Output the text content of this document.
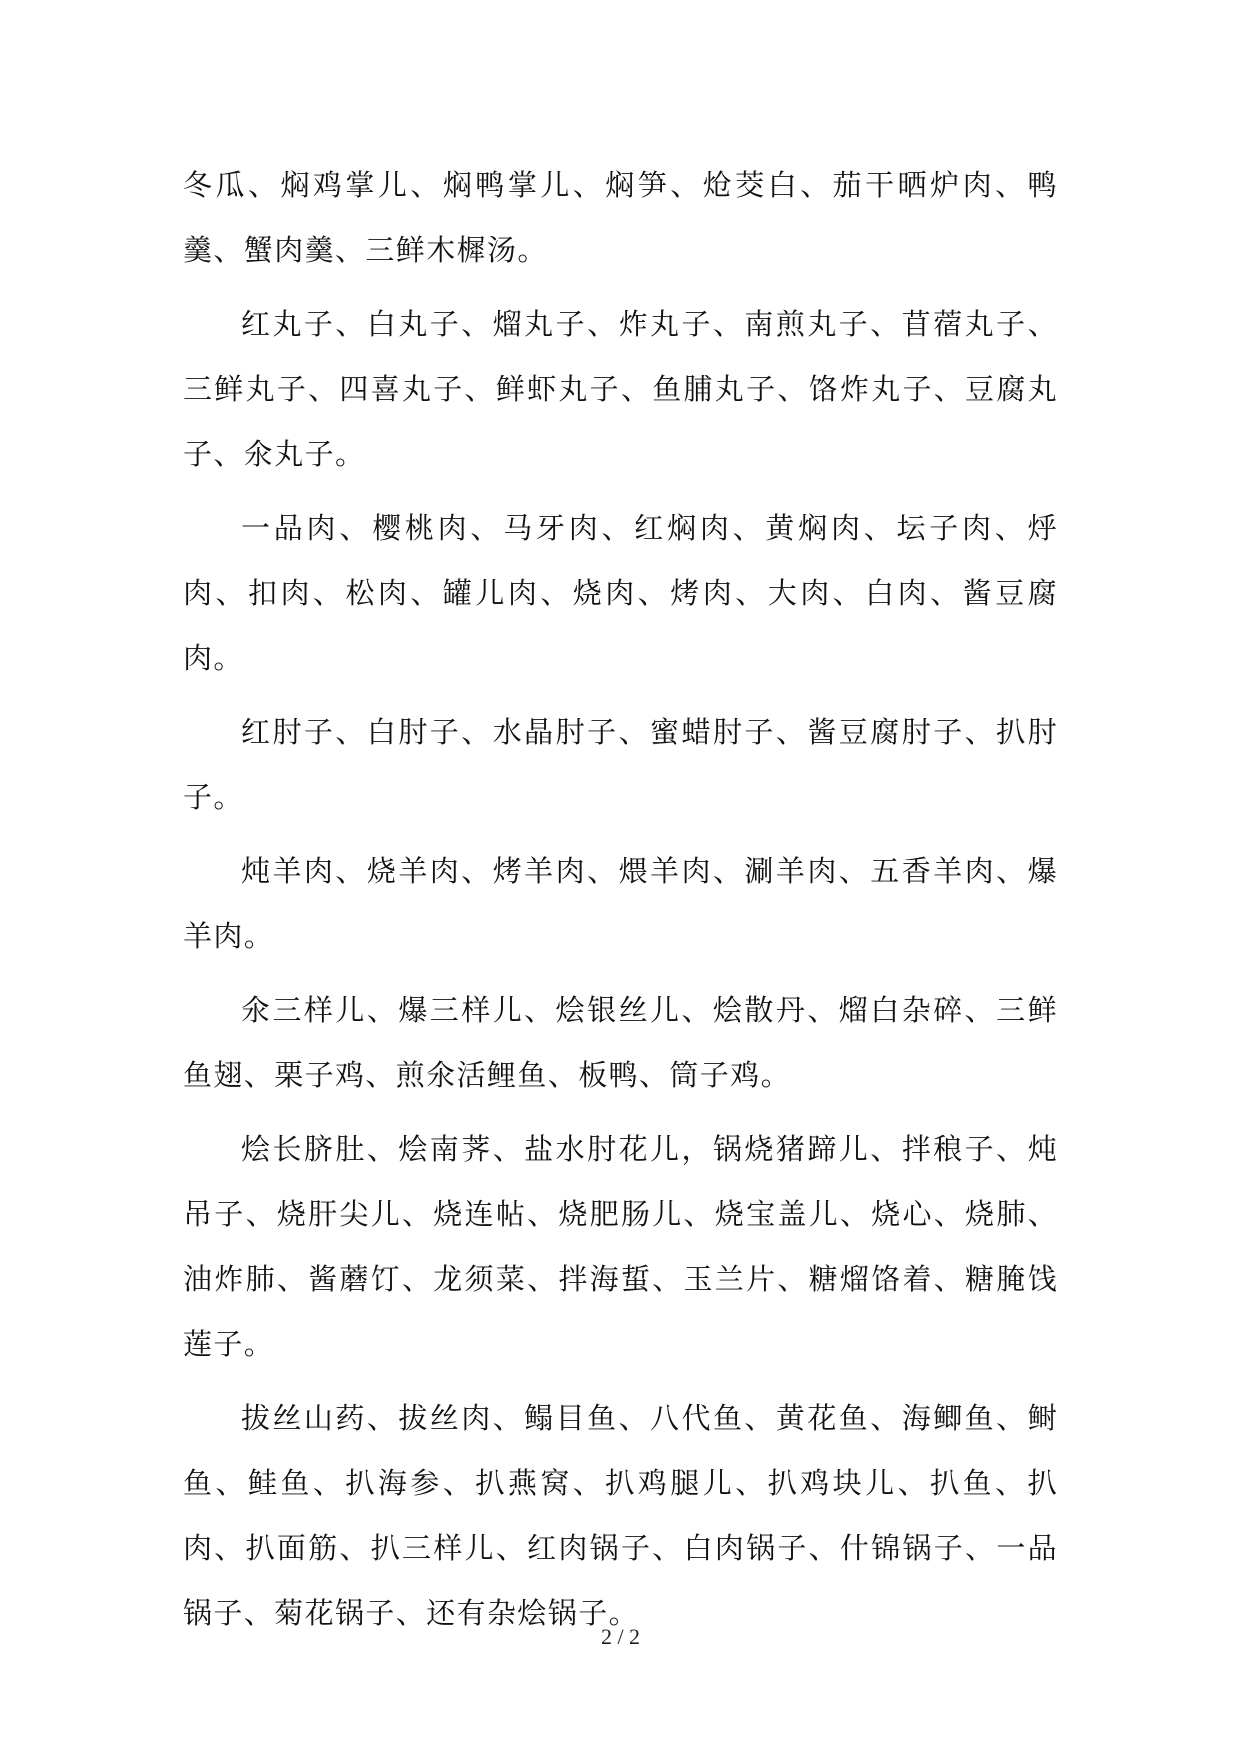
冬瓜、焖鸡掌儿、焖鸭掌儿、焖笋、炝茭白、茄干晒炉肉、鸭羹、蟹肉羹、三鲜木樨汤。

红丸子、白丸子、熘丸子、炸丸子、南煎丸子、苜蓿丸子、三鲜丸子、四喜丸子、鲜虾丸子、鱼脯丸子、饹炸丸子、豆腐丸子、氽丸子。

一品肉、樱桃肉、马牙肉、红焖肉、黄焖肉、坛子肉、烀肉、扣肉、松肉、罐儿肉、烧肉、烤肉、大肉、白肉、酱豆腐肉。

红肘子、白肘子、水晶肘子、蜜蜡肘子、酱豆腐肘子、扒肘子。

炖羊肉、烧羊肉、烤羊肉、煨羊肉、涮羊肉、五香羊肉、爆羊肉。

氽三样儿、爆三样儿、烩银丝儿、烩散丹、熘白杂碎、三鲜鱼翅、栗子鸡、煎氽活鲤鱼、板鸭、筒子鸡。

烩长脐肚、烩南荠、盐水肘花儿，锅烧猪蹄儿、拌稂子、炖吊子、烧肝尖儿、烧连帖、烧肥肠儿、烧宝盖儿、烧心、烧肺、油炸肺、酱蘑饤、龙须菜、拌海蜇、玉兰片、糖熘饹着、糖腌饯莲子。

拔丝山药、拔丝肉、鳎目鱼、八代鱼、黄花鱼、海鲫鱼、鲥鱼、鲑鱼、扒海参、扒燕窝、扒鸡腿儿、扒鸡块儿、扒鱼、扒肉、扒面筋、扒三样儿、红肉锅子、白肉锅子、什锦锅子、一品锅子、菊花锅子、还有杂烩锅子。

2 / 2
